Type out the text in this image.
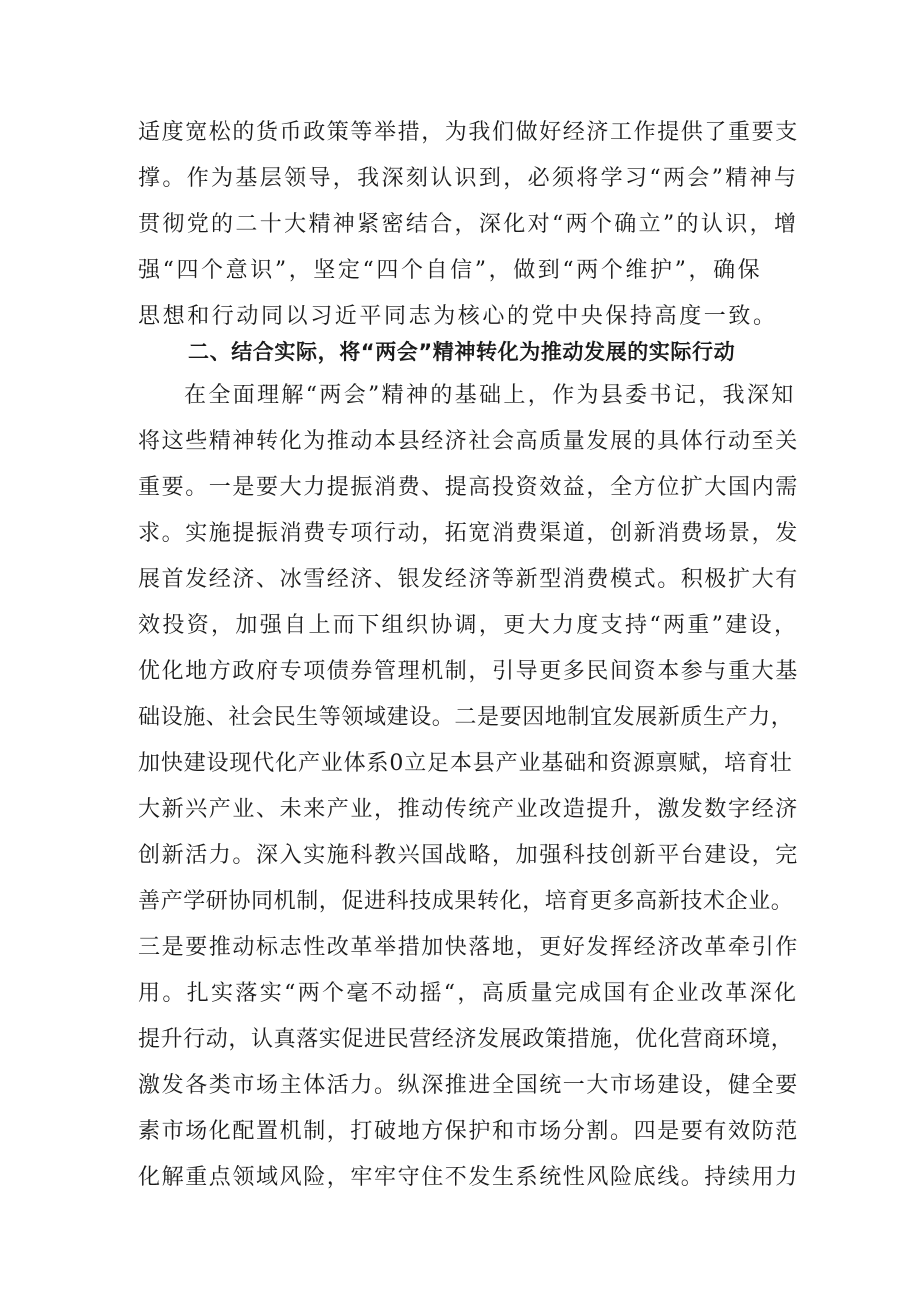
适度宽松的货币政策等举措，为我们做好经济工作提供了重要支
撑。作为基层领导，我深刻认识到，必须将学习“两会”精神与
贯彻党的二十大精神紧密结合，深化对“两个确立”的认识，增
强“四个意识”，坚定“四个自信”，做到“两个维护”，确保
思想和行动同以习近平同志为核心的党中央保持高度一致。
二、结合实际，将“两会”精神转化为推动发展的实际行动
在全面理解“两会”精神的基础上，作为县委书记，我深知
将这些精神转化为推动本县经济社会高质量发展的具体行动至关
重要。一是要大力提振消费、提高投资效益，全方位扩大国内需
求。实施提振消费专项行动，拓宽消费渠道，创新消费场景，发
展首发经济、冰雪经济、银发经济等新型消费模式。积极扩大有
效投资，加强自上而下组织协调，更大力度支持“两重”建设，
优化地方政府专项债券管理机制，引导更多民间资本参与重大基
础设施、社会民生等领域建设。二是要因地制宜发展新质生产力，
加快建设现代化产业体系0立足本县产业基础和资源禀赋，培育壮
大新兴产业、未来产业，推动传统产业改造提升，激发数字经济
创新活力。深入实施科教兴国战略，加强科技创新平台建设，完
善产学研协同机制，促进科技成果转化，培育更多高新技术企业。
三是要推动标志性改革举措加快落地，更好发挥经济改革牵引作
用。扎实落实“两个毫不动摇“，高质量完成国有企业改革深化
提升行动，认真落实促进民营经济发展政策措施，优化营商环境，
激发各类市场主体活力。纵深推进全国统一大市场建设，健全要
素市场化配置机制，打破地方保护和市场分割。四是要有效防范
化解重点领域风险，牢牢守住不发生系统性风险底线。持续用力
